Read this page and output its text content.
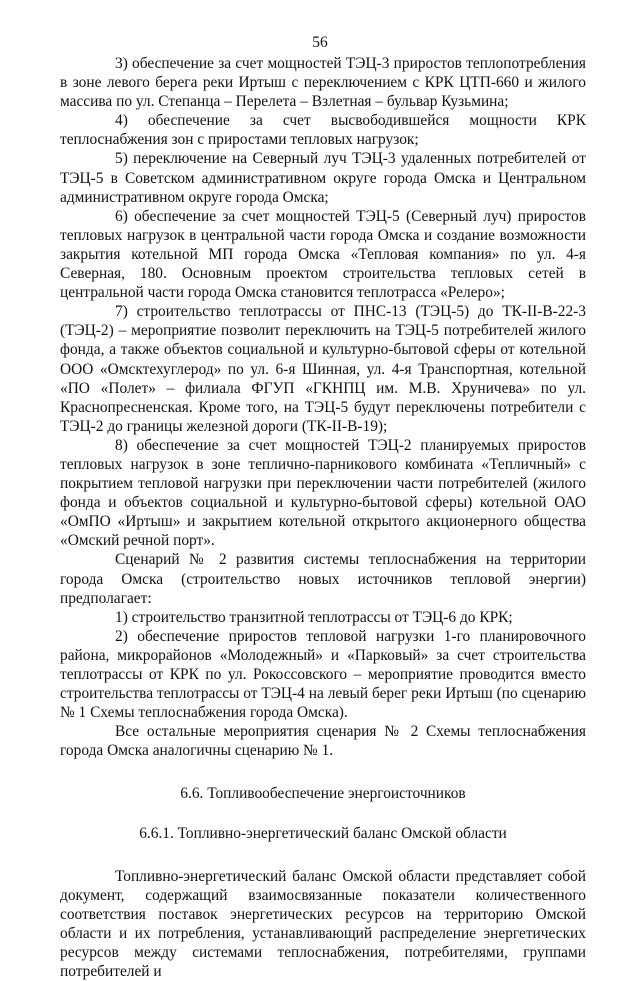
56

3) обеспечение за счет мощностей ТЭЦ-3 приростов теплопотребления в зоне левого берега реки Иртыш с переключением с КРК ЦТП-660 и жилого массива по ул. Степанца – Перелета – Взлетная – бульвар Кузьмина;

4) обеспечение за счет высвободившейся мощности КРК теплоснабжения зон с приростами тепловых нагрузок;

5) переключение на Северный луч ТЭЦ-3 удаленных потребителей от ТЭЦ-5 в Советском административном округе города Омска и Центральном административном округе города Омска;

6) обеспечение за счет мощностей ТЭЦ-5 (Северный луч) приростов тепловых нагрузок в центральной части города Омска и создание возможности закрытия котельной МП города Омска «Тепловая компания» по ул. 4-я Северная, 180. Основным проектом строительства тепловых сетей в центральной части города Омска становится теплотрасса «Релеро»;

7) строительство теплотрассы от ПНС-13 (ТЭЦ-5) до ТК-II-В-22-3 (ТЭЦ-2) – мероприятие позволит переключить на ТЭЦ-5 потребителей жилого фонда, а также объектов социальной и культурно-бытовой сферы от котельной ООО «Омсктехуглерод» по ул. 6-я Шинная, ул. 4-я Транспортная, котельной «ПО «Полет» – филиала ФГУП «ГКНПЦ им. М.В. Хруничева» по ул. Краснопресненская. Кроме того, на ТЭЦ-5 будут переключены потребители с ТЭЦ-2 до границы железной дороги (ТК-II-В-19);

8) обеспечение за счет мощностей ТЭЦ-2 планируемых приростов тепловых нагрузок в зоне теплично-парникового комбината «Тепличный» с покрытием тепловой нагрузки при переключении части потребителей (жилого фонда и объектов социальной и культурно-бытовой сферы) котельной ОАО «ОмПО «Иртыш» и закрытием котельной открытого акционерного общества «Омский речной порт».

Сценарий № 2 развития системы теплоснабжения на территории города Омска (строительство новых источников тепловой энергии) предполагает:

1) строительство транзитной теплотрассы от ТЭЦ-6 до КРК;

2) обеспечение приростов тепловой нагрузки 1-го планировочного района, микрорайонов «Молодежный» и «Парковый» за счет строительства теплотрассы от КРК по ул. Рокоссовского – мероприятие проводится вместо строительства теплотрассы от ТЭЦ-4 на левый берег реки Иртыш (по сценарию № 1 Схемы теплоснабжения города Омска).

Все остальные мероприятия сценария № 2 Схемы теплоснабжения города Омска аналогичны сценарию № 1.

6.6. Топливообеспечение энергоисточников

6.6.1. Топливно-энергетический баланс Омской области

Топливно-энергетический баланс Омской области представляет собой документ, содержащий взаимосвязанные показатели количественного соответствия поставок энергетических ресурсов на территорию Омской области и их потребления, устанавливающий распределение энергетических ресурсов между системами теплоснабжения, потребителями, группами потребителей и
